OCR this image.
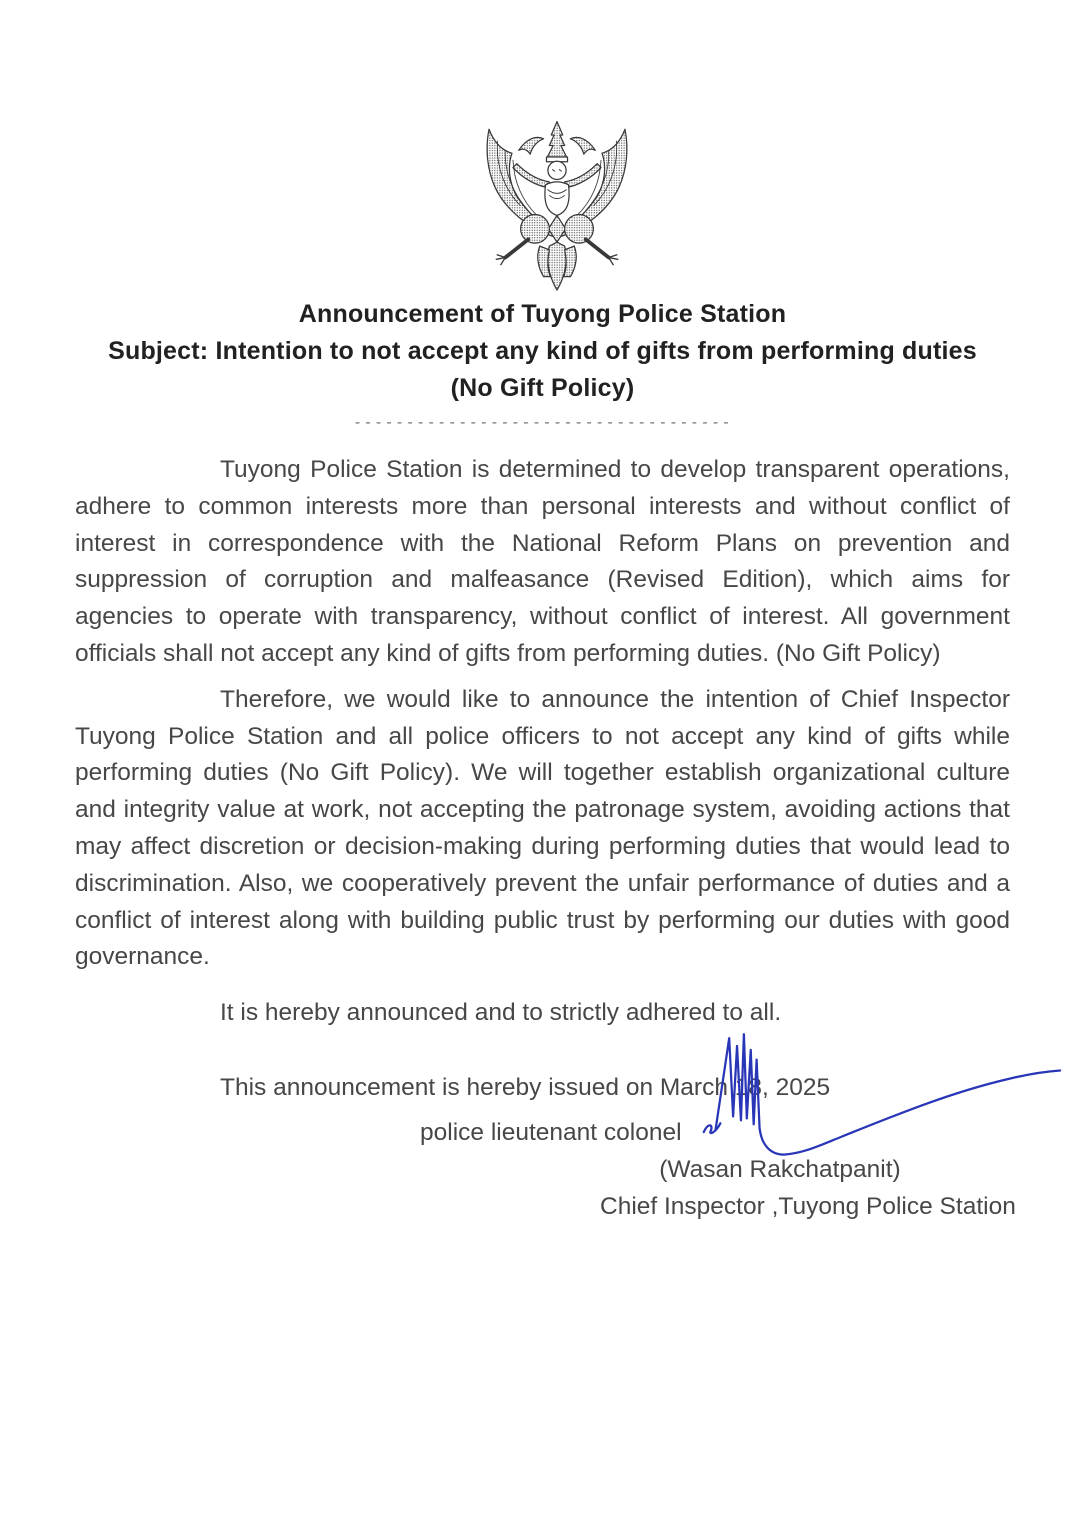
Announcement of Tuyong Police Station
Subject: Intention to not accept any kind of gifts from performing duties
(No Gift Policy)
------------------------------------

Tuyong Police Station is determined to develop transparent operations, adhere to common interests more than personal interests and without conflict of interest in correspondence with the National Reform Plans on prevention and suppression of corruption and malfeasance (Revised Edition), which aims for agencies to operate with transparency, without conflict of interest. All government officials shall not accept any kind of gifts from performing duties. (No Gift Policy)

Therefore, we would like to announce the intention of Chief Inspector Tuyong Police Station and all police officers to not accept any kind of gifts while performing duties (No Gift Policy). We will together establish organizational culture and integrity value at work, not accepting the patronage system, avoiding actions that may affect discretion or decision-making during performing duties that would lead to discrimination. Also, we cooperatively prevent the unfair performance of duties and a conflict of interest along with building public trust by performing our duties with good governance.

It is hereby announced and to strictly adhered to all.

This announcement is hereby issued on March 18, 2025

police lieutenant colonel
(Wasan Rakchatpanit)
Chief Inspector ,Tuyong Police Station
